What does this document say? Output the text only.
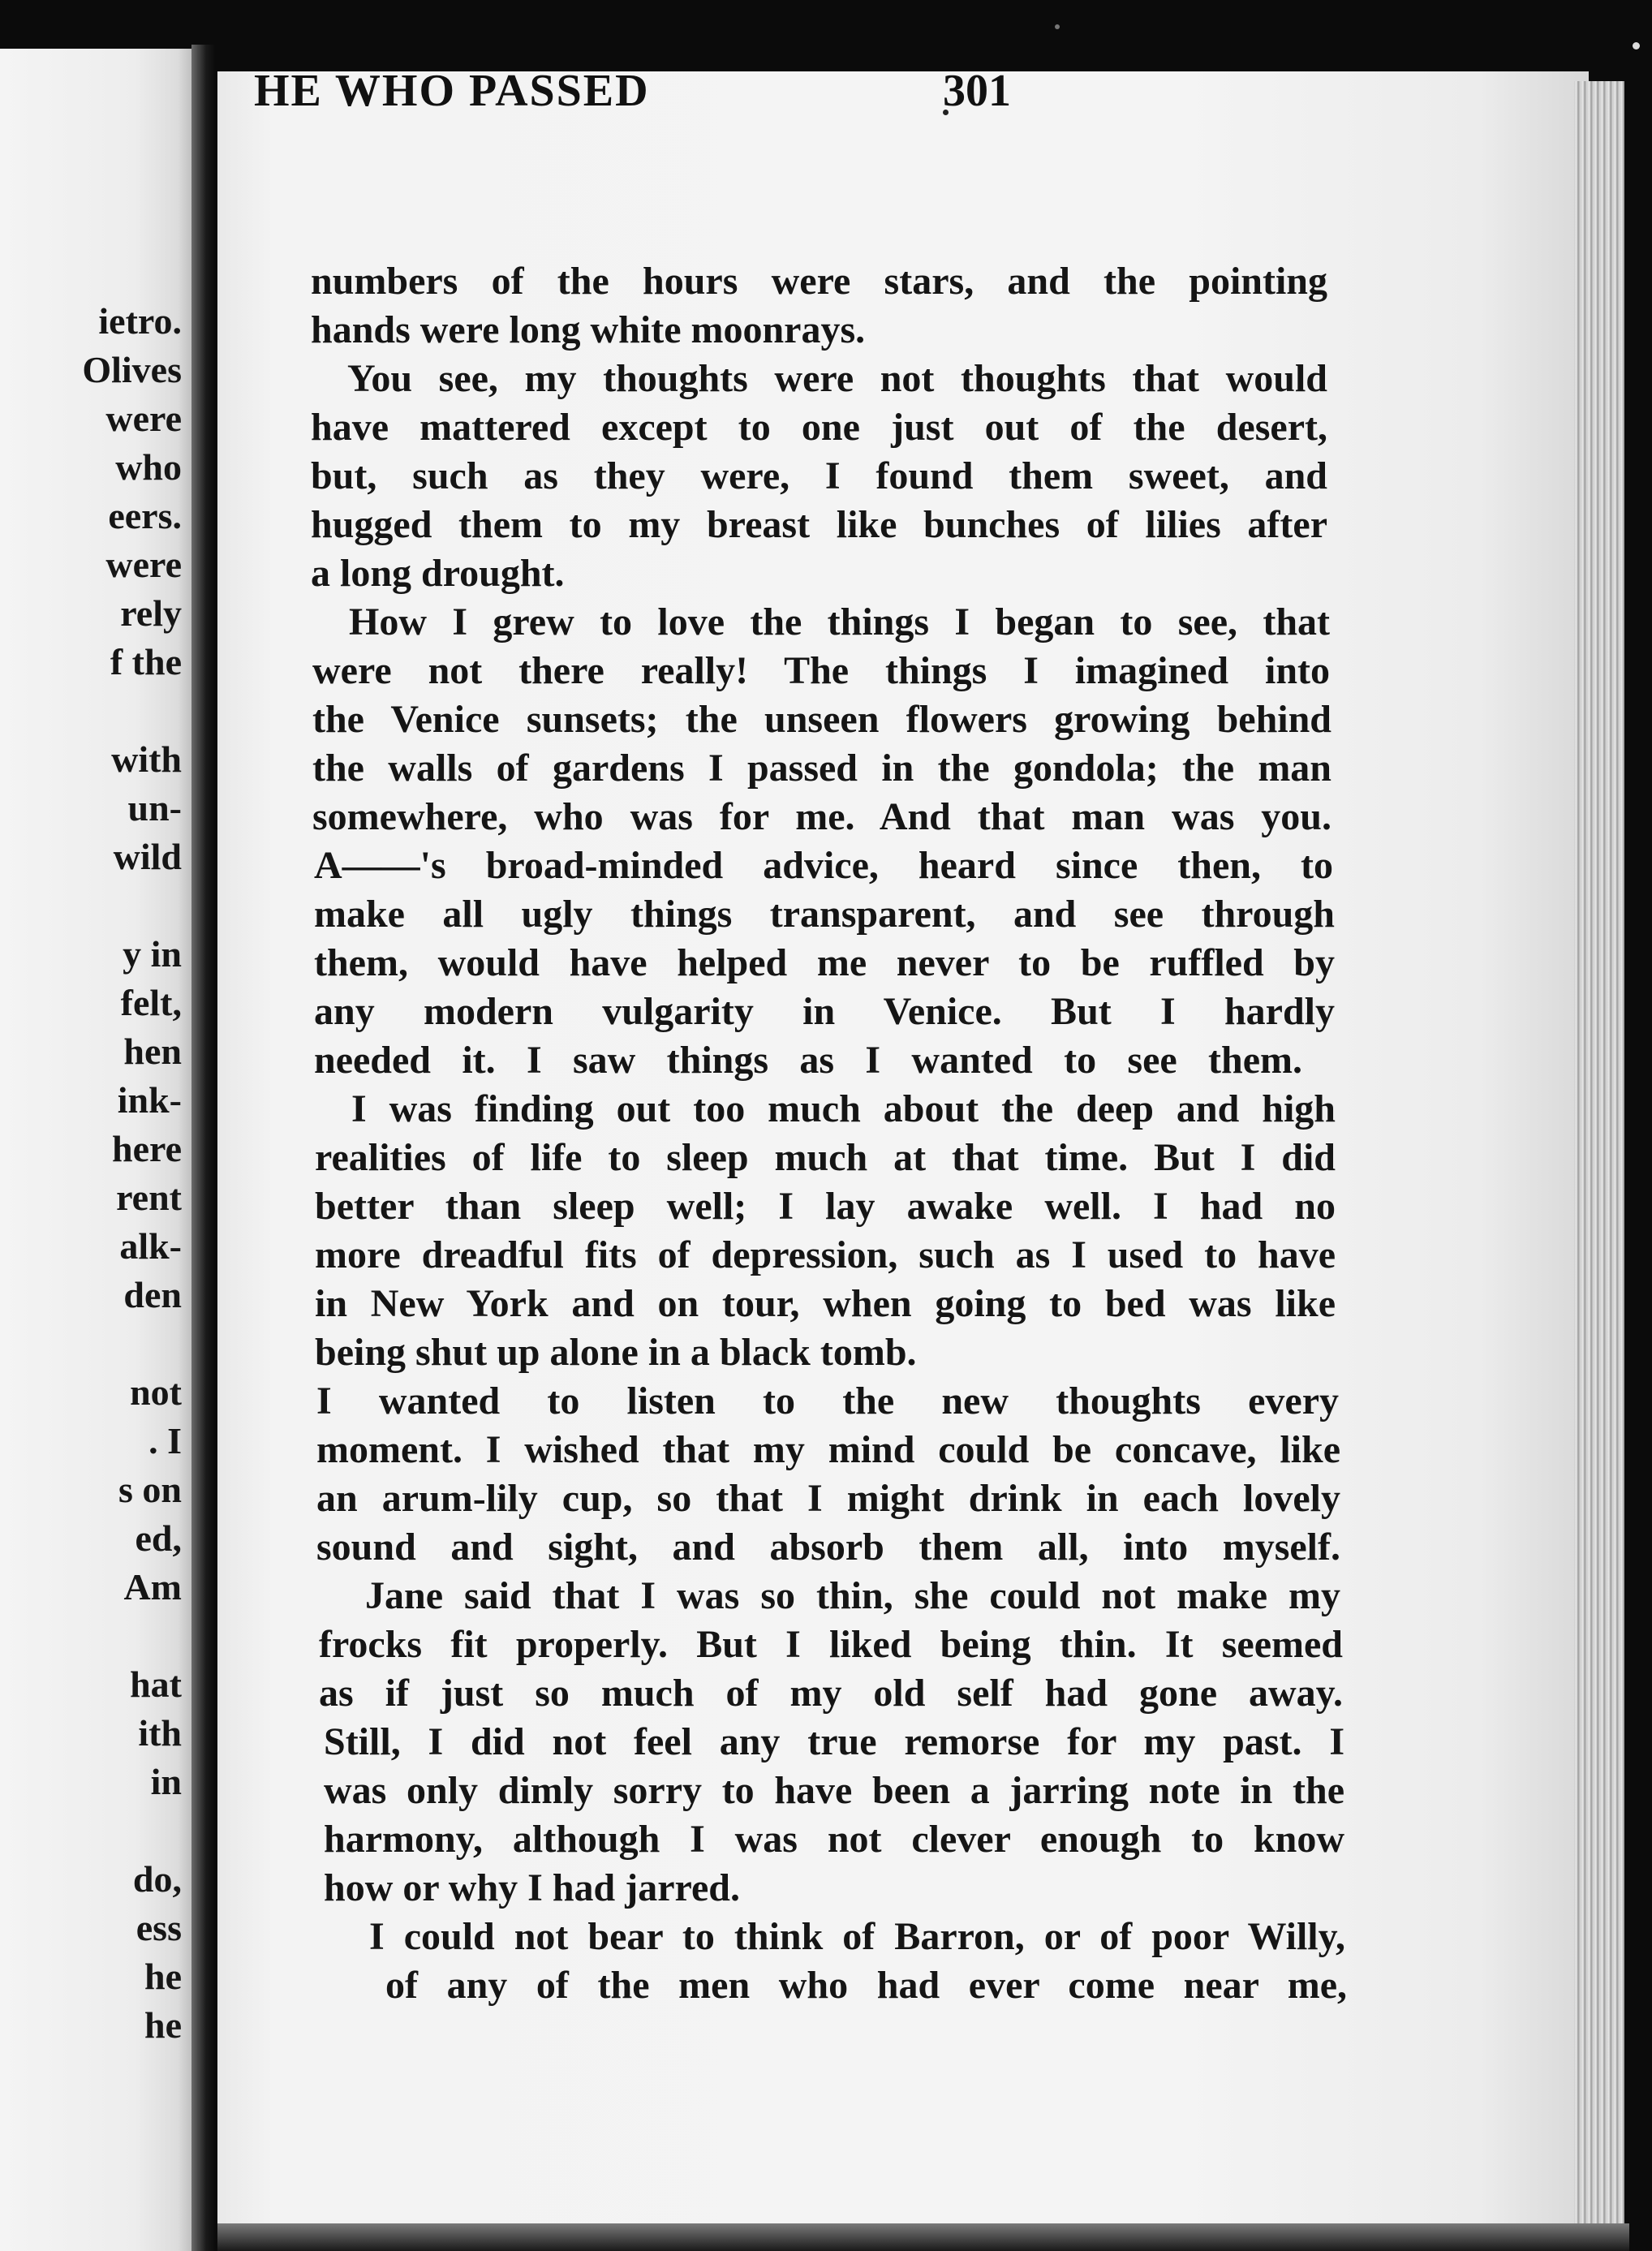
ietro.
Olives
were
who
eers.
were
rely
f the
with
un-
wild
y in
felt,
hen
ink-
here
rent
alk-
den
not
. I
s on
ed,
Am
hat
ith
in
do,
ess
he
he
HE WHO PASSED	301
numbers of the hours were stars, and the pointing
hands were long white moonrays.
You see, my thoughts were not thoughts that would
have mattered except to one just out of the desert,
but, such as they were, I found them sweet, and
hugged them to my breast like bunches of lilies after
a long drought.
How I grew to love the things I began to see, that
were not there really! The things I imagined into
the Venice sunsets; the unseen flowers growing behind
the walls of gardens I passed in the gondola; the man
somewhere, who was for me. And that man was you.
A——'s broad-minded advice, heard since then, to
make all ugly things transparent, and see through
them, would have helped me never to be ruffled by
any modern vulgarity in Venice. But I hardly
needed it. I saw things as I wanted to see them.
I was finding out too much about the deep and high
realities of life to sleep much at that time. But I did
better than sleep well; I lay awake well. I had no
more dreadful fits of depression, such as I used to have
in New York and on tour, when going to bed was like
being shut up alone in a black tomb.
I wanted to listen to the new thoughts every
moment. I wished that my mind could be concave, like
an arum-lily cup, so that I might drink in each lovely
sound and sight, and absorb them all, into myself.
Jane said that I was so thin, she could not make my
frocks fit properly. But I liked being thin. It seemed
as if just so much of my old self had gone away.
Still, I did not feel any true remorse for my past. I
was only dimly sorry to have been a jarring note in the
harmony, although I was not clever enough to know
how or why I had jarred.
I could not bear to think of Barron, or of poor Willy,
of any of the men who had ever come near me,
